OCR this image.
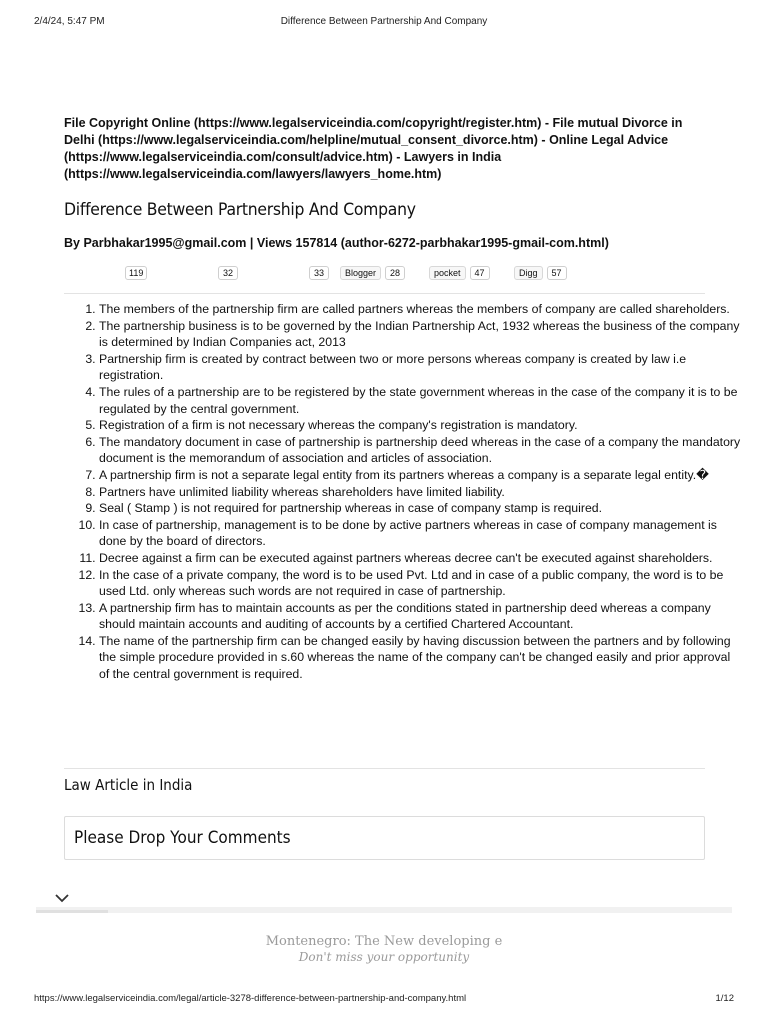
2/4/24, 5:47 PM	Difference Between Partnership And Company
File Copyright Online (https://www.legalserviceindia.com/copyright/register.htm) - File mutual Divorce in Delhi (https://www.legalserviceindia.com/helpline/mutual_consent_divorce.htm) - Online Legal Advice (https://www.legalserviceindia.com/consult/advice.htm) - Lawyers in India (https://www.legalserviceindia.com/lawyers/lawyers_home.htm)
Difference Between Partnership And Company

By Parbhakar1995@gmail.com | Views 157814 (author-6272-parbhakar1995-gmail-com.html)

119	32	33	Blogger	28	pocket	47	Digg	57
1. The members of the partnership firm are called partners whereas the members of company are called shareholders.
2. The partnership business is to be governed by the Indian Partnership Act, 1932 whereas the business of the company is determined by Indian Companies act, 2013
3. Partnership firm is created by contract between two or more persons whereas company is created by law i.e registration.
4. The rules of a partnership are to be registered by the state government whereas in the case of the company it is to be regulated by the central government.
5. Registration of a firm is not necessary whereas the company's registration is mandatory.
6. The mandatory document in case of partnership is partnership deed whereas in the case of a company the mandatory document is the memorandum of association and articles of association.
7. A partnership firm is not a separate legal entity from its partners whereas a company is a separate legal entity.�
8. Partners have unlimited liability whereas shareholders have limited liability.
9. Seal ( Stamp ) is not required for partnership whereas in case of company stamp is required.
10. In case of partnership, management is to be done by active partners whereas in case of company management is done by the board of directors.
11. Decree against a firm can be executed against partners whereas decree can't be executed against shareholders.
12. In the case of a private company, the word is to be used Pvt. Ltd and in case of a public company, the word is to be used Ltd. only whereas such words are not required in case of partnership.
13. A partnership firm has to maintain accounts as per the conditions stated in partnership deed whereas a company should maintain accounts and auditing of accounts by a certified Chartered Accountant.
14. The name of the partnership firm can be changed easily by having discussion between the partners and by following the simple procedure provided in s.60 whereas the name of the company can't be changed easily and prior approval of the central government is required.
Law Article in India
Please Drop Your Comments
Montenegro: The New developing e
Don't miss your opportunity
https://www.legalserviceindia.com/legal/article-3278-difference-between-partnership-and-company.html	1/12
